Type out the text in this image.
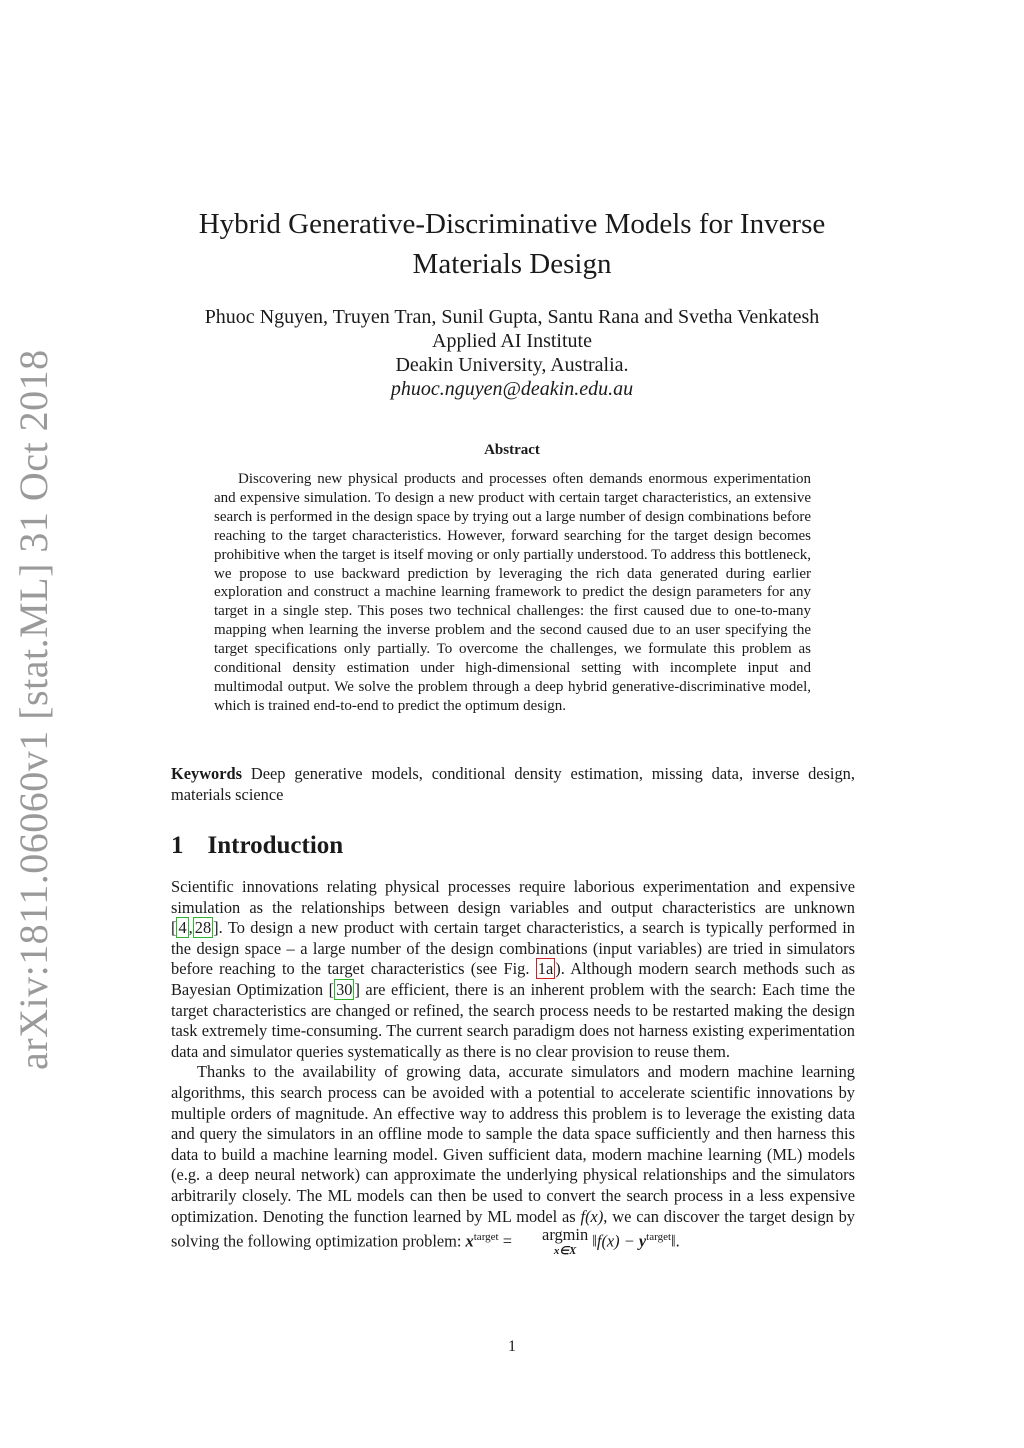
arXiv:1811.06060v1 [stat.ML] 31 Oct 2018
Hybrid Generative-Discriminative Models for Inverse
Materials Design
Phuoc Nguyen, Truyen Tran, Sunil Gupta, Santu Rana and Svetha Venkatesh
Applied AI Institute
Deakin University, Australia.
phuoc.nguyen@deakin.edu.au
Abstract
Discovering new physical products and processes often demands enormous experimentation and expensive simulation. To design a new product with certain target characteristics, an extensive search is performed in the design space by trying out a large number of design combinations before reaching to the target characteristics. However, forward searching for the target design becomes prohibitive when the target is itself moving or only partially understood. To address this bottleneck, we propose to use backward prediction by leveraging the rich data generated during earlier exploration and construct a machine learning framework to predict the design parameters for any target in a single step. This poses two technical challenges: the first caused due to one-to-many mapping when learning the inverse problem and the second caused due to an user specifying the target specifications only partially. To overcome the challenges, we formulate this problem as conditional density estimation under high-dimensional setting with incomplete input and multimodal output. We solve the problem through a deep hybrid generative-discriminative model, which is trained end-to-end to predict the optimum design.
Keywords Deep generative models, conditional density estimation, missing data, inverse design, materials science
1 Introduction

Scientific innovations relating physical processes require laborious experimentation and expensive simulation as the relationships between design variables and output characteristics are unknown [ 4 , 28 ]. To design a new product with certain target characteristics, a search is typically performed in the design space – a large number of the design combinations (input variables) are tried in simulators before reaching to the target characteristics (see Fig. 1a ). Although modern search methods such as Bayesian Optimization [ 30 ] are efficient, there is an inherent problem with the search: Each time the target characteristics are changed or refined, the search process needs to be restarted making the design task extremely time-consuming. The current search paradigm does not harness existing experimentation data and simulator queries systematically as there is no clear provision to reuse them.

Thanks to the availability of growing data, accurate simulators and modern machine learning algorithms, this search process can be avoided with a potential to accelerate scientific innovations by multiple orders of magnitude. An effective way to address this problem is to leverage the existing data and query the simulators in an offline mode to sample the data space sufficiently and then harness this data to build a machine learning model. Given sufficient data, modern machine learning (ML) models (e.g. a deep neural network) can approximate the underlying physical relationships and the simulators arbitrarily closely. The ML models can then be used to convert the search process in a less expensive optimization. Denoting the function learned by ML model as f(x), we can discover the target design by solving the following optimization problem: $x^{target} = argmin$
x∈X
‖f(x) − $y^{target}‖$.

1
